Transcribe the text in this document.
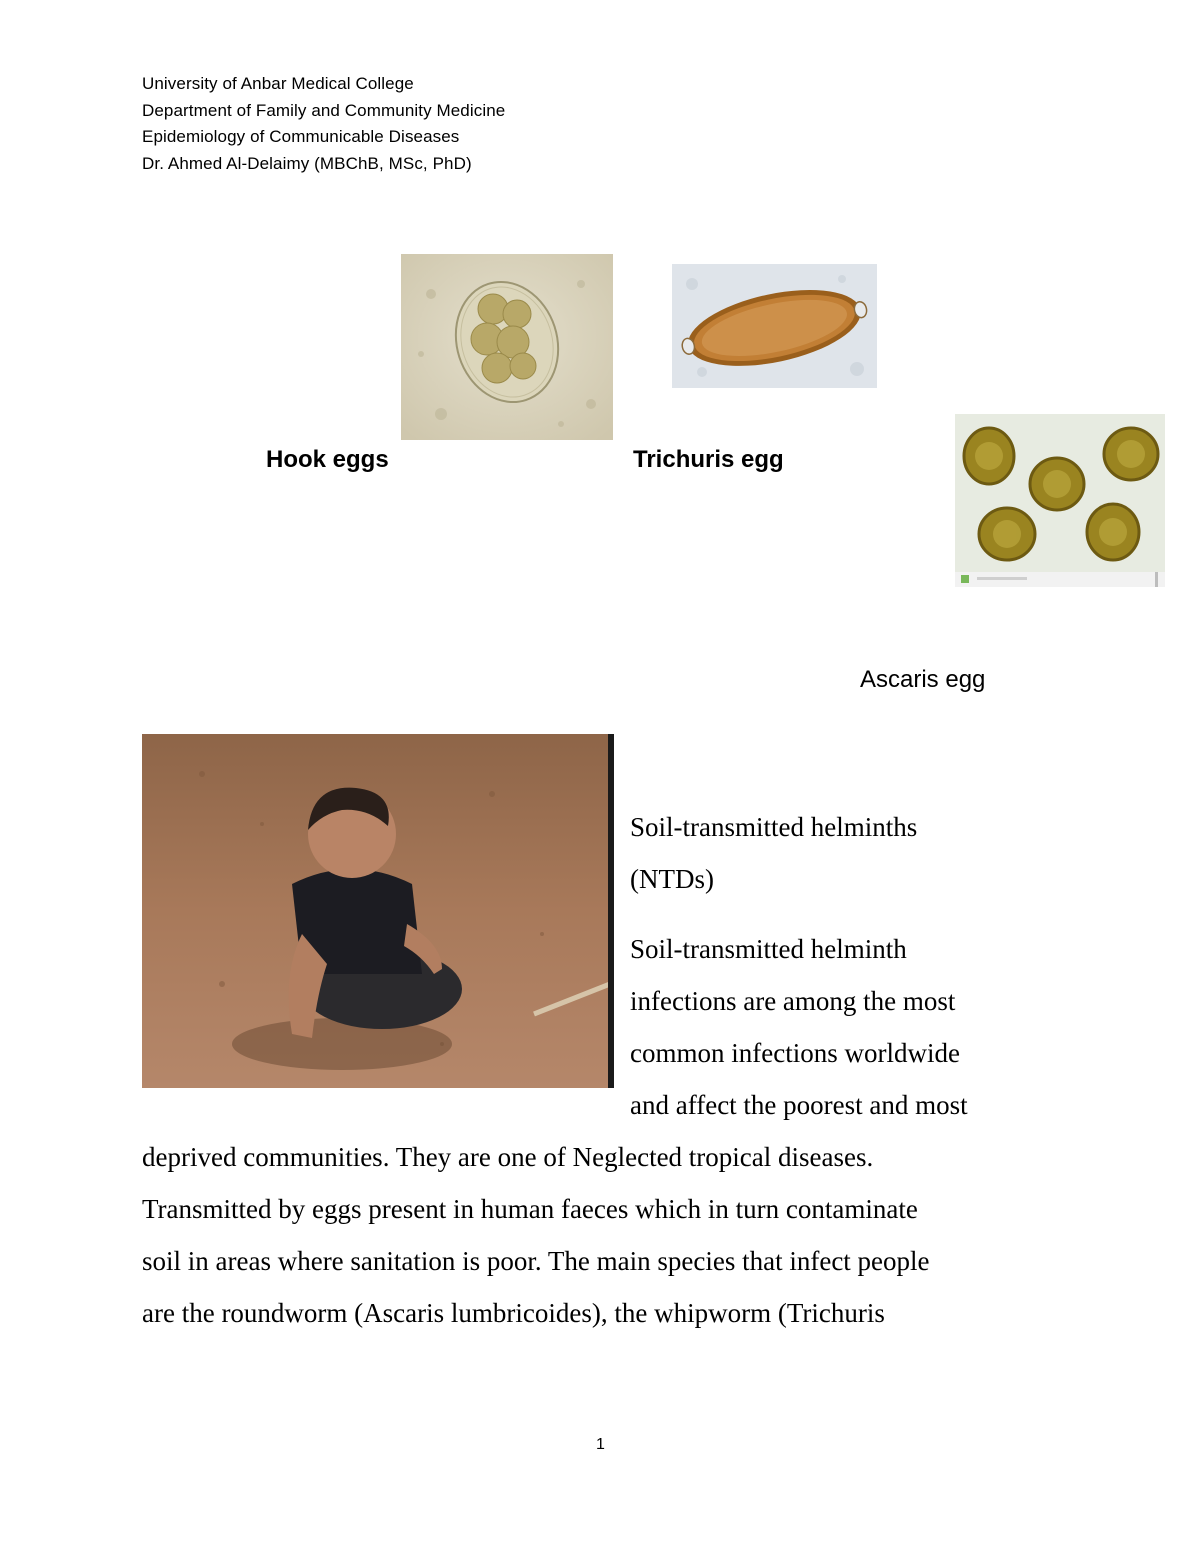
University of Anbar Medical College
Department of Family and Community Medicine
Epidemiology of Communicable Diseases
Dr. Ahmed Al-Delaimy (MBChB, MSc, PhD)
Hook eggs	Trichuris egg
Ascaris egg
Soil-transmitted helminths
(NTDs)
Soil-transmitted helminth
infections are among the most
common infections worldwide
and affect the poorest and most
deprived communities. They are one of Neglected tropical diseases.
Transmitted by eggs present in human faeces which in turn contaminate
soil in areas where sanitation is poor. The main species that infect people
are the roundworm (Ascaris lumbricoides), the whipworm (Trichuris
1
